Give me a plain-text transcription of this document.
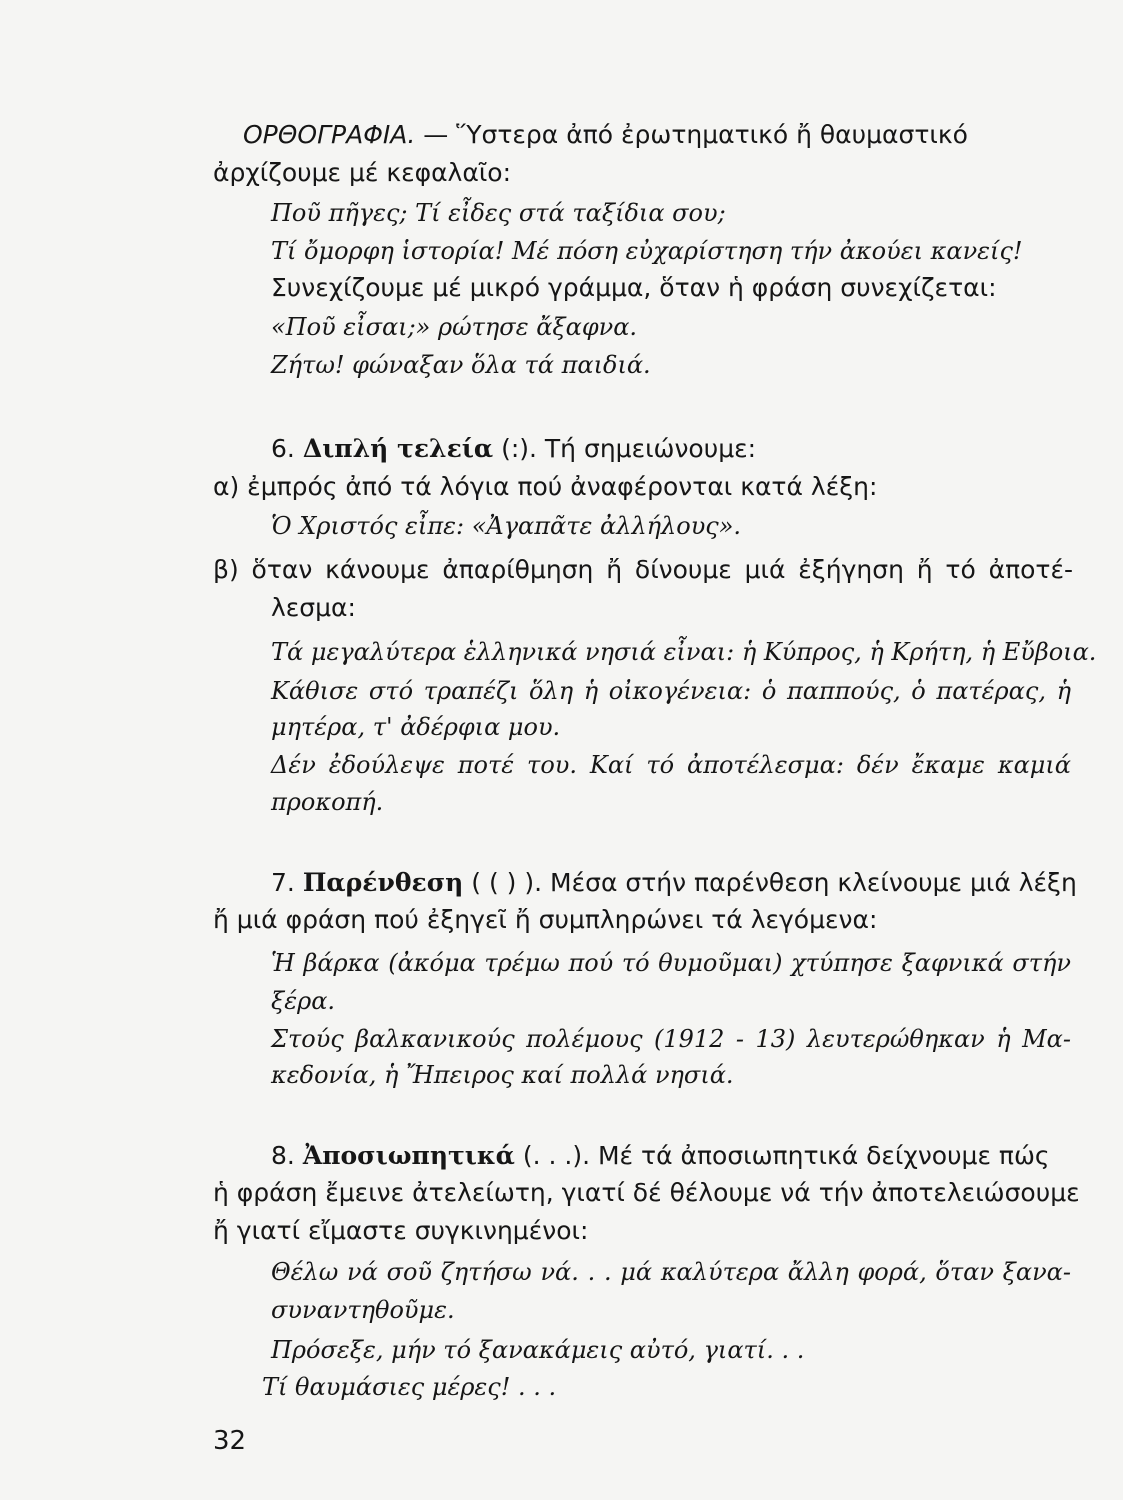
ΟΡΘΟΓΡΑΦΙΑ. — Ὕστερα ἀπό ἐρωτηματικό ἤ θαυμαστικό

ἀρχίζουμε μέ κεφαλαῖο:

Ποῦ πῆγες; Τί εἶδες στά ταξίδια σου;

Τί ὄμορφη ἱστορία! Μέ πόση εὐχαρίστηση τήν ἀκούει κανείς!

Συνεχίζουμε μέ μικρό γράμμα, ὅταν ἡ φράση συνεχίζεται:

«Ποῦ εἶσαι;» ρώτησε ἄξαφνα.

Ζήτω! φώναξαν ὅλα τά παιδιά.

6. Διπλή τελεία (:). Τή σημειώνουμε:

α) ἐμπρός ἀπό τά λόγια πού ἀναφέρονται κατά λέξη:

Ὁ Χριστός εἶπε: «Ἀγαπᾶτε ἀλλήλους».

β) ὅταν κάνουμε ἀπαρίθμηση ἤ δίνουμε μιά ἐξήγηση ἤ τό ἀποτέ-

λεσμα:

Τά μεγαλύτερα ἑλληνικά νησιά εἶναι: ἡ Κύπρος, ἡ Κρήτη, ἡ Εὔβοια.

Κάθισε στό τραπέζι ὅλη ἡ οἰκογένεια: ὁ παππούς, ὁ πατέρας, ἡ

μητέρα, τ' ἀδέρφια μου.

Δέν ἐδούλεψε ποτέ του. Καί τό ἀποτέλεσμα: δέν ἔκαμε καμιά

προκοπή.

7. Παρένθεση ( ( ) ). Μέσα στήν παρένθεση κλείνουμε μιά λέξη

ἤ μιά φράση πού ἐξηγεῖ ἤ συμπληρώνει τά λεγόμενα:

Ἡ βάρκα (ἀκόμα τρέμω πού τό θυμοῦμαι) χτύπησε ξαφνικά στήν

ξέρα.

Στούς βαλκανικούς πολέμους (1912 - 13) λευτερώθηκαν ἡ Μα-

κεδονία, ἡ Ἤπειρος καί πολλά νησιά.

8. Ἀποσιωπητικά (. . .). Μέ τά ἀποσιωπητικά δείχνουμε πώς

ἡ φράση ἔμεινε ἀτελείωτη, γιατί δέ θέλουμε νά τήν ἀποτελειώσουμε

ἤ γιατί εἴμαστε συγκινημένοι:

Θέλω νά σοῦ ζητήσω νά. . . μά καλύτερα ἄλλη φορά, ὅταν ξανα-

συναντηθοῦμε.

Πρόσεξε, μήν τό ξανακάμεις αὐτό, γιατί. . .

Τί θαυμάσιες μέρες! . . .

32
